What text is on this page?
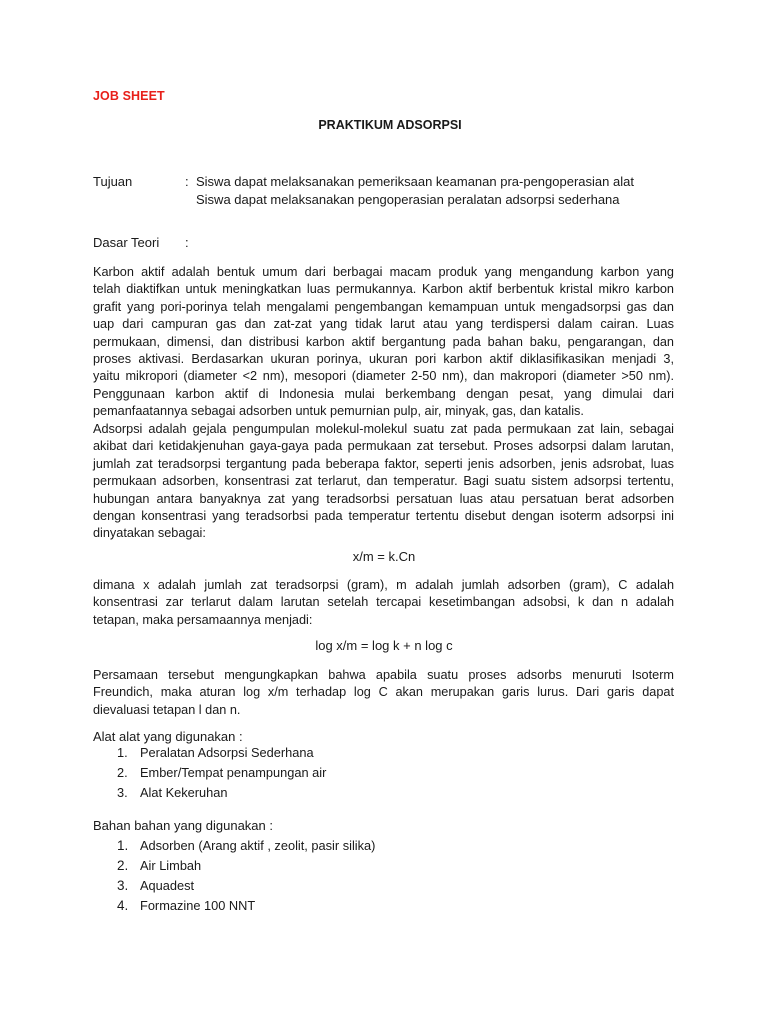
JOB SHEET
PRAKTIKUM ADSORPSI
Tujuan	: Siswa dapat melaksanakan pemeriksaan keamanan pra-pengoperasian alat
Siswa dapat melaksanakan pengoperasian peralatan adsorpsi sederhana
Dasar Teori :
Karbon aktif adalah bentuk umum dari berbagai macam produk yang mengandung karbon yang
telah diaktifkan untuk meningkatkan luas permukannya. Karbon aktif berbentuk kristal mikro karbon
grafit yang pori-porinya telah mengalami pengembangan kemampuan untuk mengadsorpsi gas dan
uap dari campuran gas dan zat-zat yang tidak larut atau yang terdispersi dalam cairan. Luas
permukaan, dimensi, dan distribusi karbon aktif bergantung pada bahan baku, pengarangan, dan
proses aktivasi. Berdasarkan ukuran porinya, ukuran pori karbon aktif diklasifikasikan menjadi 3,
yaitu mikropori (diameter <2 nm), mesopori (diameter 2-50 nm), dan makropori (diameter >50 nm).
Penggunaan karbon aktif di Indonesia mulai berkembang dengan pesat, yang dimulai dari
pemanfaatannya sebagai adsorben untuk pemurnian pulp, air, minyak, gas, dan katalis.
Adsorpsi adalah gejala pengumpulan molekul-molekul suatu zat pada permukaan zat lain, sebagai
akibat dari ketidakjenuhan gaya-gaya pada permukaan zat tersebut. Proses adsorpsi dalam larutan,
jumlah zat teradsorpsi tergantung pada beberapa faktor, seperti jenis adsorben, jenis adsrobat, luas
permukaan adsorben, konsentrasi zat terlarut, dan temperatur. Bagi suatu sistem adsorpsi tertentu,
hubungan antara banyaknya zat yang teradsorbsi persatuan luas atau persatuan berat adsorben
dengan konsentrasi yang teradsorbsi pada temperatur tertentu disebut dengan isoterm adsorpsi ini
dinyatakan sebagai:
x/m = k.Cn
dimana x adalah jumlah zat teradsorpsi (gram), m adalah jumlah adsorben (gram), C adalah
konsentrasi zar terlarut dalam larutan setelah tercapai kesetimbangan adsobsi, k dan n adalah
tetapan, maka persamaannya menjadi:
log x/m = log k + n log c
Persamaan tersebut mengungkapkan bahwa apabila suatu proses adsorbs menuruti Isoterm
Freundich, maka aturan log x/m terhadap log C akan merupakan garis lurus. Dari garis dapat
dievaluasi tetapan l dan n.
Alat alat yang digunakan :
1. Peralatan Adsorpsi Sederhana
2. Ember/Tempat penampungan air
3. Alat Kekeruhan
Bahan bahan yang digunakan :
1. Adsorben (Arang aktif , zeolit, pasir silika)
2. Air Limbah
3. Aquadest
4. Formazine 100 NNT
